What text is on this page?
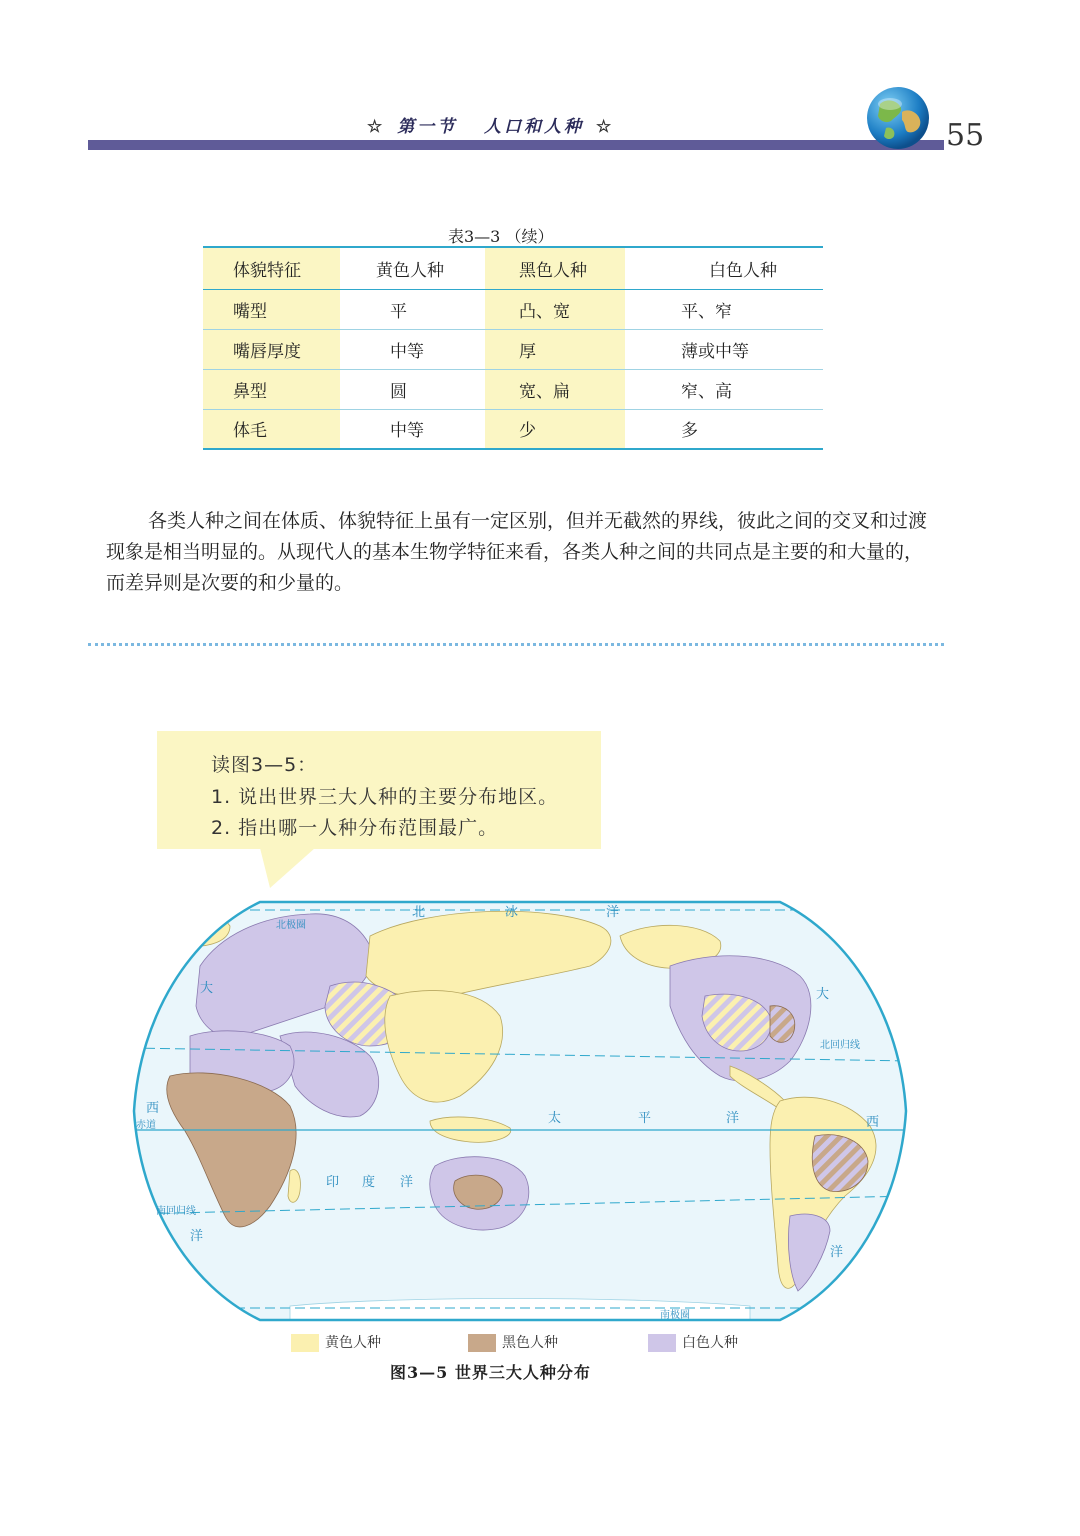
☆ 第一节 人口和人种 ☆	55
表3—3 （续）
体貌特征	黄色人种	黑色人种	白色人种
嘴型	平	凸、宽	平、窄
嘴唇厚度	中等	厚	薄或中等
鼻型	圆	宽、扁	窄、高
体毛	中等	少	多
各类人种之间在体质、体貌特征上虽有一定区别，但并无截然的界线，彼此之间的交叉和过渡现象是相当明显的。从现代人的基本生物学特征来看，各类人种之间的共同点是主要的和大量的，而差异则是次要的和少量的。
读图3—5：
1. 说出世界三大人种的主要分布地区。
2. 指出哪一人种分布范围最广。
北	冰	洋
大
西
洋
大
西
洋
太	平	洋
印 度 洋
北极圈
北回归线
赤道
南回归线
南极圈
黄色人种	黑色人种	白色人种
图3—5 世界三大人种分布
